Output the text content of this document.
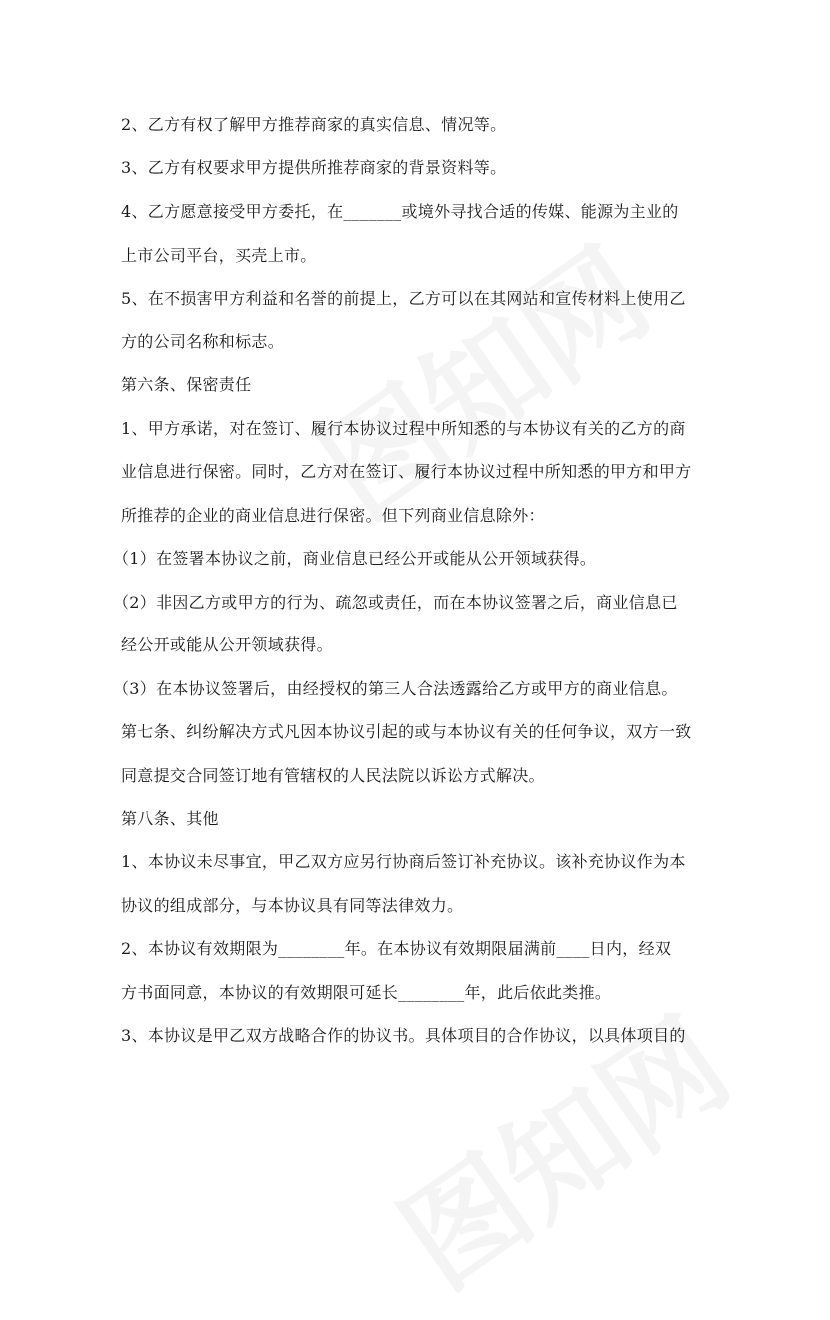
2、乙方有权了解甲方推荐商家的真实信息、情况等。
3、乙方有权要求甲方提供所推荐商家的背景资料等。
4、乙方愿意接受甲方委托，在_______或境外寻找合适的传媒、能源为主业的
上市公司平台，买壳上市。
5、在不损害甲方利益和名誉的前提上，乙方可以在其网站和宣传材料上使用乙
方的公司名称和标志。
第六条、保密责任
1、甲方承诺，对在签订、履行本协议过程中所知悉的与本协议有关的乙方的商
业信息进行保密。同时，乙方对在签订、履行本协议过程中所知悉的甲方和甲方
所推荐的企业的商业信息进行保密。但下列商业信息除外：
（1）在签署本协议之前，商业信息已经公开或能从公开领域获得。
（2）非因乙方或甲方的行为、疏忽或责任，而在本协议签署之后，商业信息已
经公开或能从公开领域获得。
（3）在本协议签署后，由经授权的第三人合法透露给乙方或甲方的商业信息。
第七条、纠纷解决方式凡因本协议引起的或与本协议有关的任何争议，双方一致
同意提交合同签订地有管辖权的人民法院以诉讼方式解决。
第八条、其他
1、本协议未尽事宜，甲乙双方应另行协商后签订补充协议。该补充协议作为本
协议的组成部分，与本协议具有同等法律效力。
2、本协议有效期限为________年。在本协议有效期限届满前____日内，经双
方书面同意，本协议的有效期限可延长________年，此后依此类推。
3、本协议是甲乙双方战略合作的协议书。具体项目的合作协议，以具体项目的
